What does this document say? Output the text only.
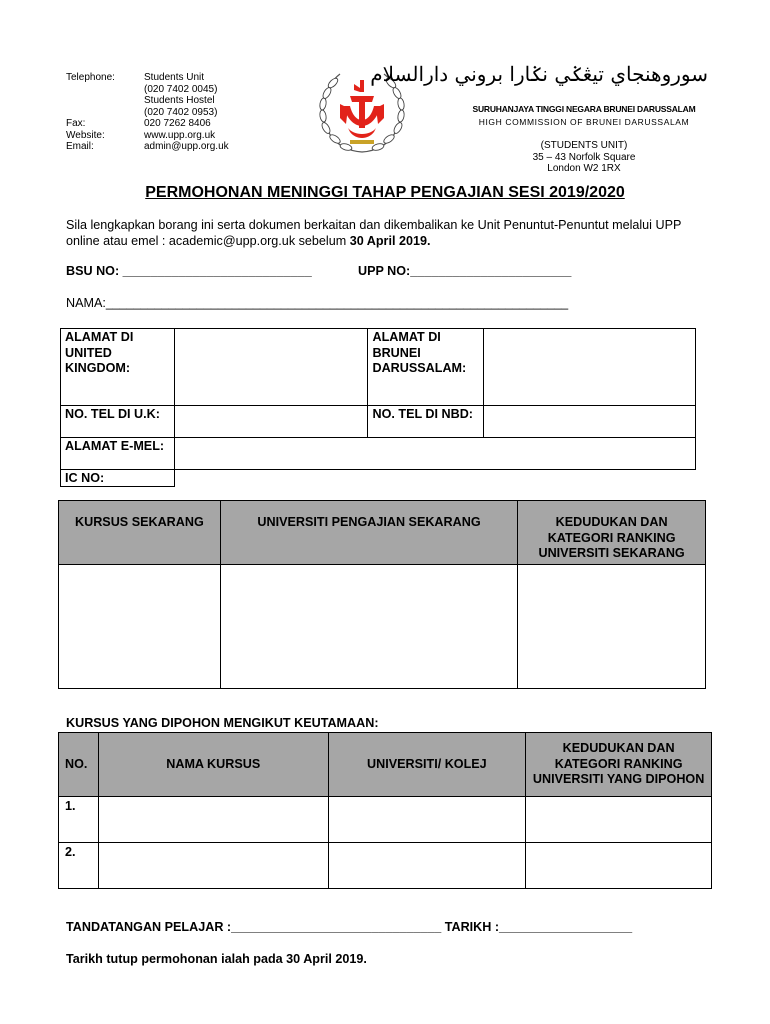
Telephone:	Students Unit
(020 7402 0045)
Students Hostel
(020 7402 0953)
Fax:	020 7262 8406
Website:	www.upp.org.uk
Email:	admin@upp.org.uk
سوروهنجاي تيڠݢي نݢارا بروني دارالسلام
SURUHANJAYA TINGGI NEGARA BRUNEI DARUSSALAM
HIGH COMMISSION OF BRUNEI DARUSSALAM
(STUDENTS UNIT)
35 – 43 Norfolk Square
London W2 1RX
PERMOHONAN MENINGGI TAHAP PENGAJIAN SESI 2019/2020
Sila lengkapkan borang ini serta dokumen berkaitan dan dikembalikan ke Unit Penuntut-Penuntut melalui UPP online atau emel : academic@upp.org.uk sebelum 30 April 2019.
BSU NO: ___________________________	UPP NO:_______________________
NAMA:__________________________________________________________________
ALAMAT DI UNITED KINGDOM:		ALAMAT DI BRUNEI DARUSSALAM:	
NO. TEL DI U.K:		NO. TEL DI NBD:	
ALAMAT E-MEL:			
IC NO:			
KURSUS SEKARANG	UNIVERSITI PENGAJIAN SEKARANG	KEDUDUKAN DAN KATEGORI RANKING UNIVERSITI SEKARANG

KURSUS YANG DIPOHON MENGIKUT KEUTAMAAN:
NO.	NAMA KURSUS	UNIVERSITI/ KOLEJ	KEDUDUKAN DAN KATEGORI RANKING UNIVERSITI YANG DIPOHON
1.			
2.			
TANDATANGAN PELAJAR :______________________________ TARIKH :___________________
Tarikh tutup permohonan ialah pada 30 April 2019.
